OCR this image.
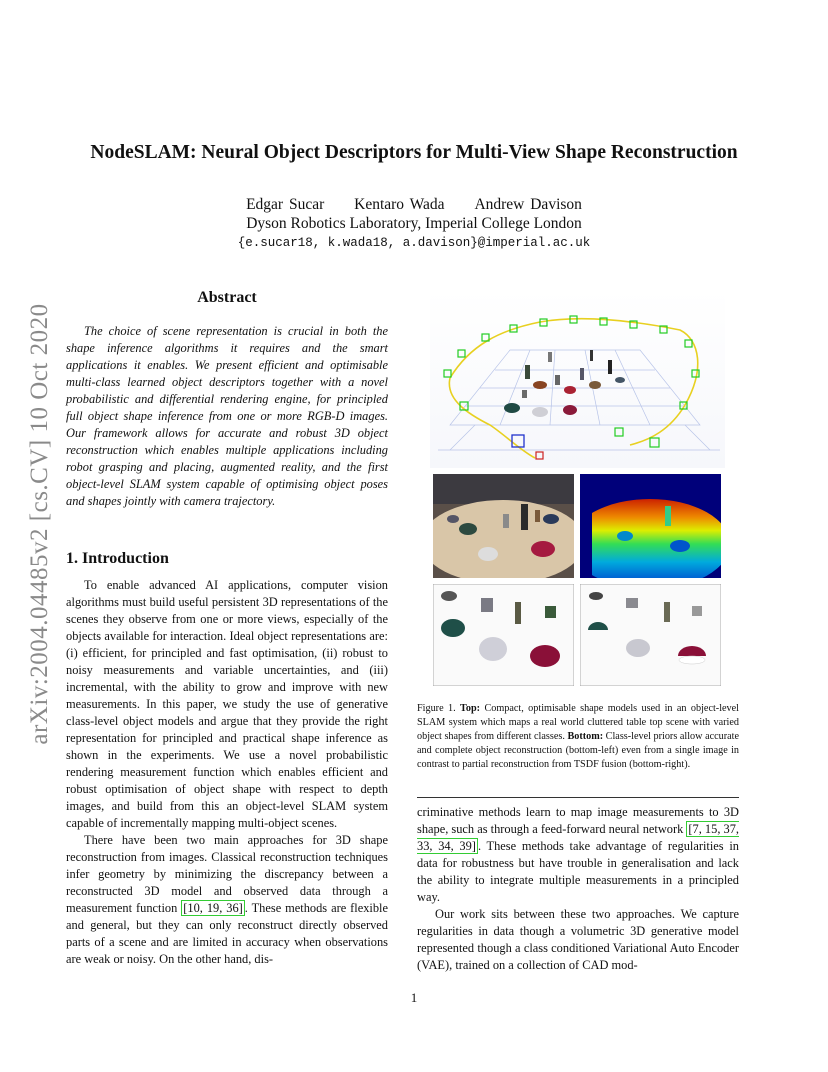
NodeSLAM: Neural Object Descriptors for Multi-View Shape Reconstruction
Edgar Sucar Kentaro Wada Andrew Davison
Dyson Robotics Laboratory, Imperial College London
{e.sucar18, k.wada18, a.davison}@imperial.ac.uk
arXiv:2004.04485v2 [cs.CV] 10 Oct 2020
Abstract

The choice of scene representation is crucial in both the shape inference algorithms it requires and the smart applications it enables. We present efficient and optimisable multi-class learned object descriptors together with a novel probabilistic and differential rendering engine, for principled full object shape inference from one or more RGB-D images. Our framework allows for accurate and robust 3D object reconstruction which enables multiple applications including robot grasping and placing, augmented reality, and the first object-level SLAM system capable of optimising object poses and shapes jointly with camera trajectory.

1. Introduction

To enable advanced AI applications, computer vision algorithms must build useful persistent 3D representations of the scenes they observe from one or more views, especially of the objects available for interaction. Ideal object representations are: (i) efficient, for principled and fast optimisation, (ii) robust to noisy measurements and variable uncertainties, and (iii) incremental, with the ability to grow and improve with new measurements. In this paper, we study the use of generative class-level object models and argue that they provide the right representation for principled and practical shape inference as shown in the experiments. We use a novel probabilistic rendering measurement function which enables efficient and robust optimisation of object shape with respect to depth images, and build from this an object-level SLAM system capable of incrementally mapping multi-object scenes.

There have been two main approaches for 3D shape reconstruction from images. Classical reconstruction techniques infer geometry by minimizing the discrepancy between a reconstructed 3D model and observed data through a measurement function [10, 19, 36] . These methods are flexible and general, but they can only reconstruct directly observed parts of a scene and are limited in accuracy when observations are weak or noisy. On the other hand, dis-

Figure 1. Top: Compact, optimisable shape models used in an object-level SLAM system which maps a real world cluttered table top scene with varied object shapes from different classes. Bottom: Class-level priors allow accurate and complete object reconstruction (bottom-left) even from a single image in contrast to partial reconstruction from TSDF fusion (bottom-right).

criminative methods learn to map image measurements to 3D shape, such as through a feed-forward neural network [7, 15, 37, 33, 34, 39] . These methods take advantage of regularities in data for robustness but have trouble in generalisation and lack the ability to integrate multiple measurements in a principled way.

Our work sits between these two approaches. We capture regularities in data though a volumetric 3D generative model represented though a class conditioned Variational Auto Encoder (VAE), trained on a collection of CAD mod-

1
